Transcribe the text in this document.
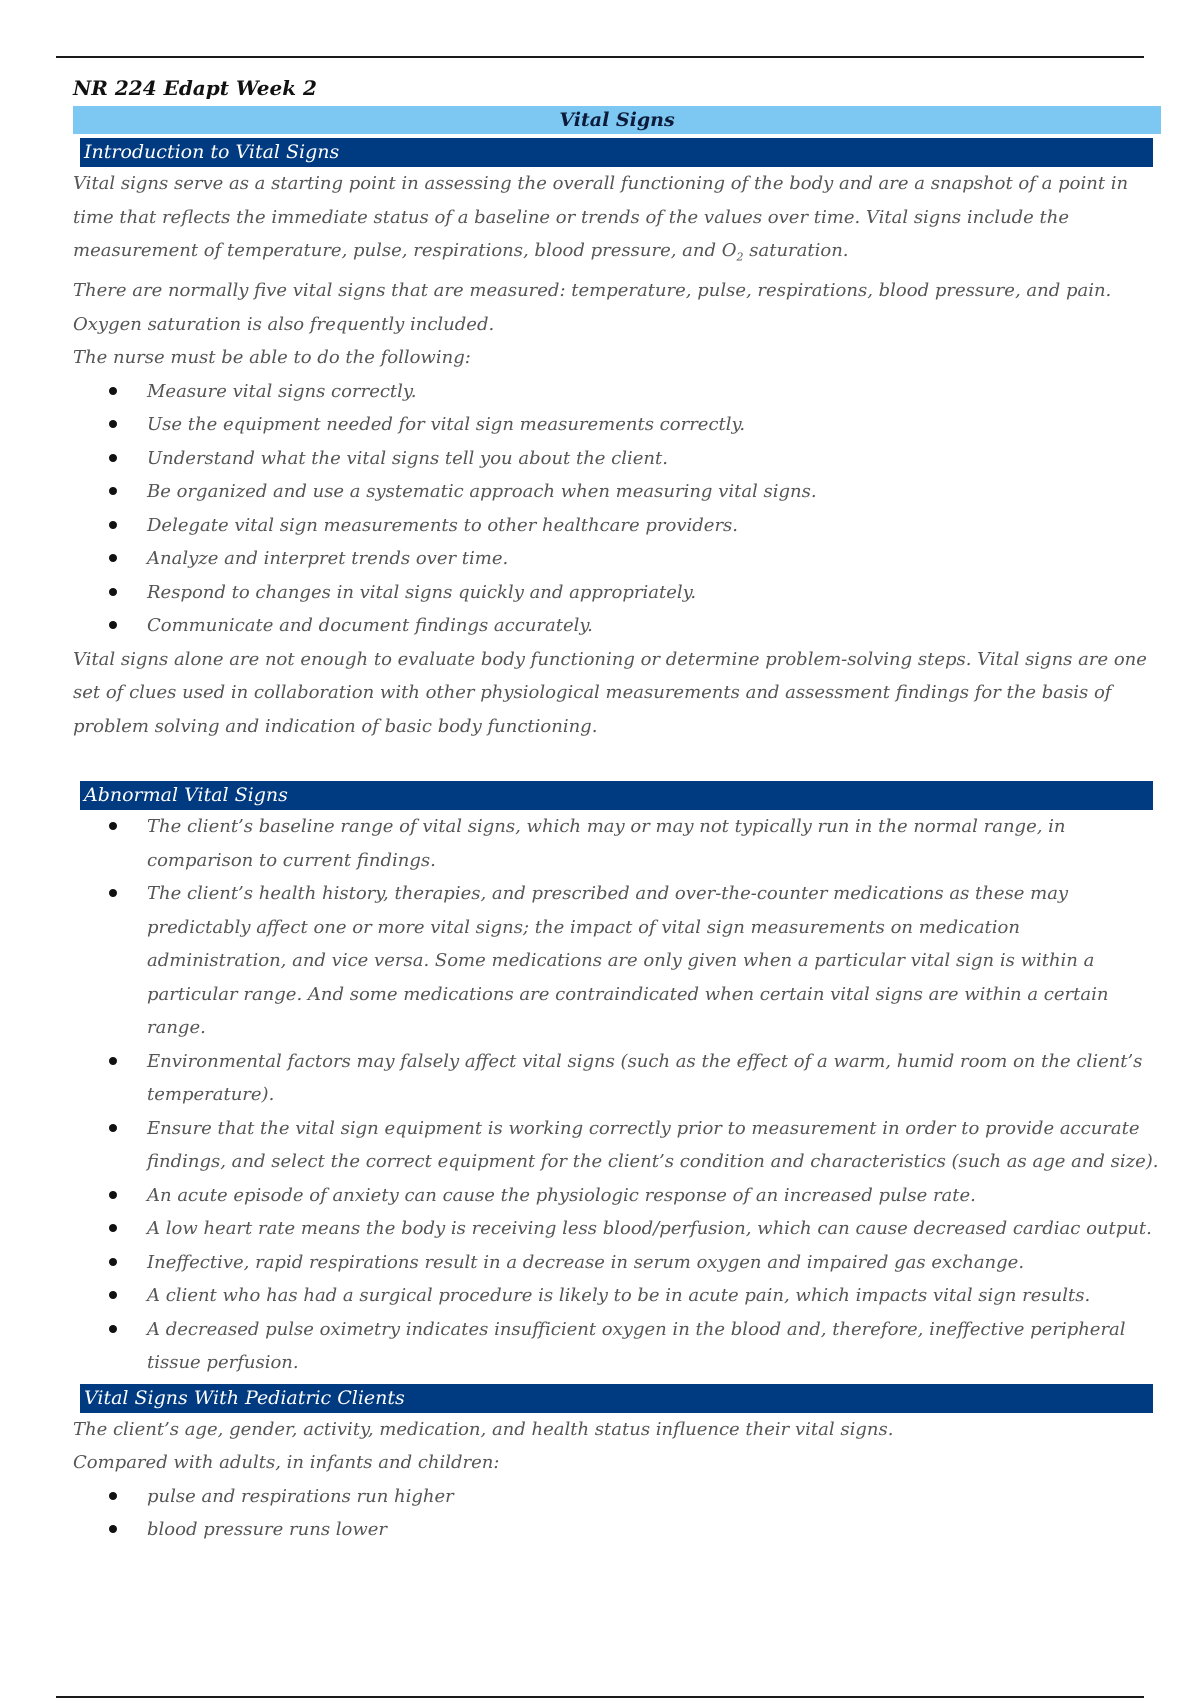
NR 224 Edapt Week 2
Vital Signs
Introduction to Vital Signs

Vital signs serve as a starting point in assessing the overall functioning of the body and are a snapshot of a point in time that reflects the immediate status of a baseline or trends of the values over time. Vital signs include the measurement of temperature, pulse, respirations, blood pressure, and $O_2$ saturation.

There are normally five vital signs that are measured: temperature, pulse, respirations, blood pressure, and pain. Oxygen saturation is also frequently included.

The nurse must be able to do the following:

Measure vital signs correctly.
Use the equipment needed for vital sign measurements correctly.
Understand what the vital signs tell you about the client.
Be organized and use a systematic approach when measuring vital signs.
Delegate vital sign measurements to other healthcare providers.
Analyze and interpret trends over time.
Respond to changes in vital signs quickly and appropriately.
Communicate and document findings accurately.

Vital signs alone are not enough to evaluate body functioning or determine problem-solving steps. Vital signs are one set of clues used in collaboration with other physiological measurements and assessment findings for the basis of problem solving and indication of basic body functioning.

Abnormal Vital Signs
The client’s baseline range of vital signs, which may or may not typically run in the normal range, in comparison to current findings.
The client’s health history, therapies, and prescribed and over-the-counter medications as these may predictably affect one or more vital signs; the impact of vital sign measurements on medication administration, and vice versa. Some medications are only given when a particular vital sign is within a particular range. And some medications are contraindicated when certain vital signs are within a certain range.
Environmental factors may falsely affect vital signs (such as the effect of a warm, humid room on the client’s temperature).
Ensure that the vital sign equipment is working correctly prior to measurement in order to provide accurate findings, and select the correct equipment for the client’s condition and characteristics (such as age and size).
An acute episode of anxiety can cause the physiologic response of an increased pulse rate.
A low heart rate means the body is receiving less blood/perfusion, which can cause decreased cardiac output.
Ineffective, rapid respirations result in a decrease in serum oxygen and impaired gas exchange.
A client who has had a surgical procedure is likely to be in acute pain, which impacts vital sign results.
A decreased pulse oximetry indicates insufficient oxygen in the blood and, therefore, ineffective peripheral tissue perfusion.
Vital Signs With Pediatric Clients

The client’s age, gender, activity, medication, and health status influence their vital signs.

Compared with adults, in infants and children:

pulse and respirations run higher
blood pressure runs lower
